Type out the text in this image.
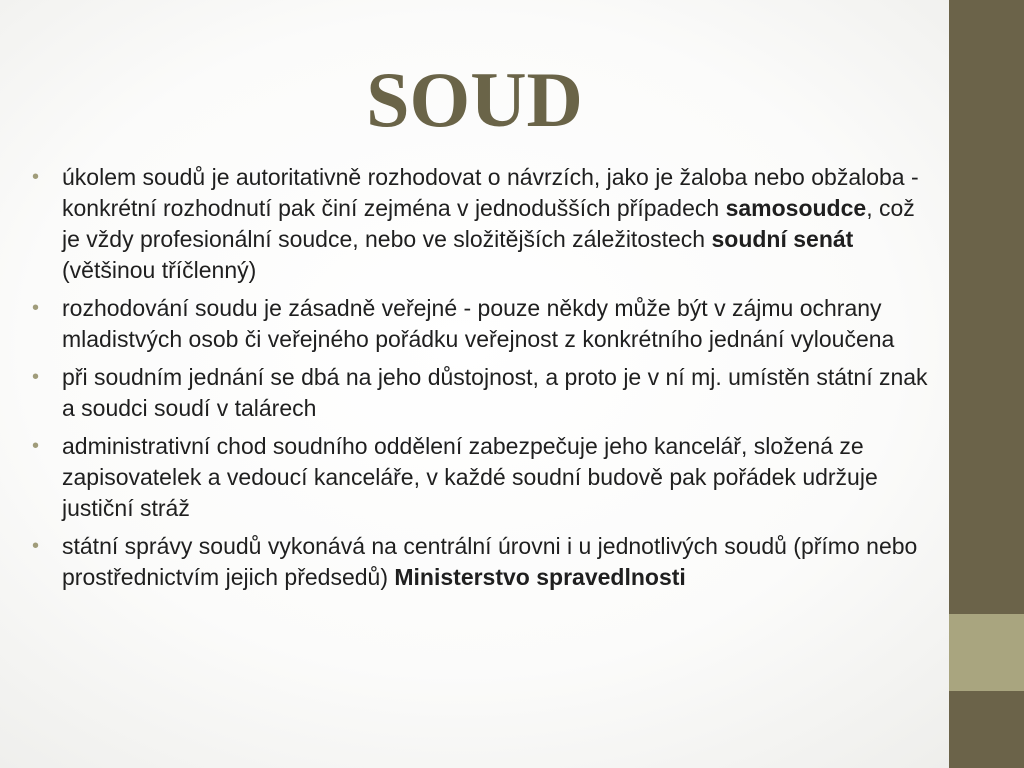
SOUD
• úkolem soudů je autoritativně rozhodovat o návrzích, jako je žaloba nebo obžaloba - konkrétní rozhodnutí pak činí zejména v jednodušších případech samosoudce, což je vždy profesionální soudce, nebo ve složitějších záležitostech soudní senát (většinou tříčlenný)
• rozhodování soudu je zásadně veřejné - pouze někdy může být v zájmu ochrany mladistvých osob či veřejného pořádku veřejnost z konkrétního jednání vyloučena
• při soudním jednání se dbá na jeho důstojnost, a proto je v ní mj. umístěn státní znak a soudci soudí v talárech
• administrativní chod soudního oddělení zabezpečuje jeho kancelář, složená ze zapisovatelek a vedoucí kanceláře, v každé soudní budově pak pořádek udržuje justiční stráž
• státní správy soudů vykonává na centrální úrovni i u jednotlivých soudů (přímo nebo prostřednictvím jejich předsedů) Ministerstvo spravedlnosti
